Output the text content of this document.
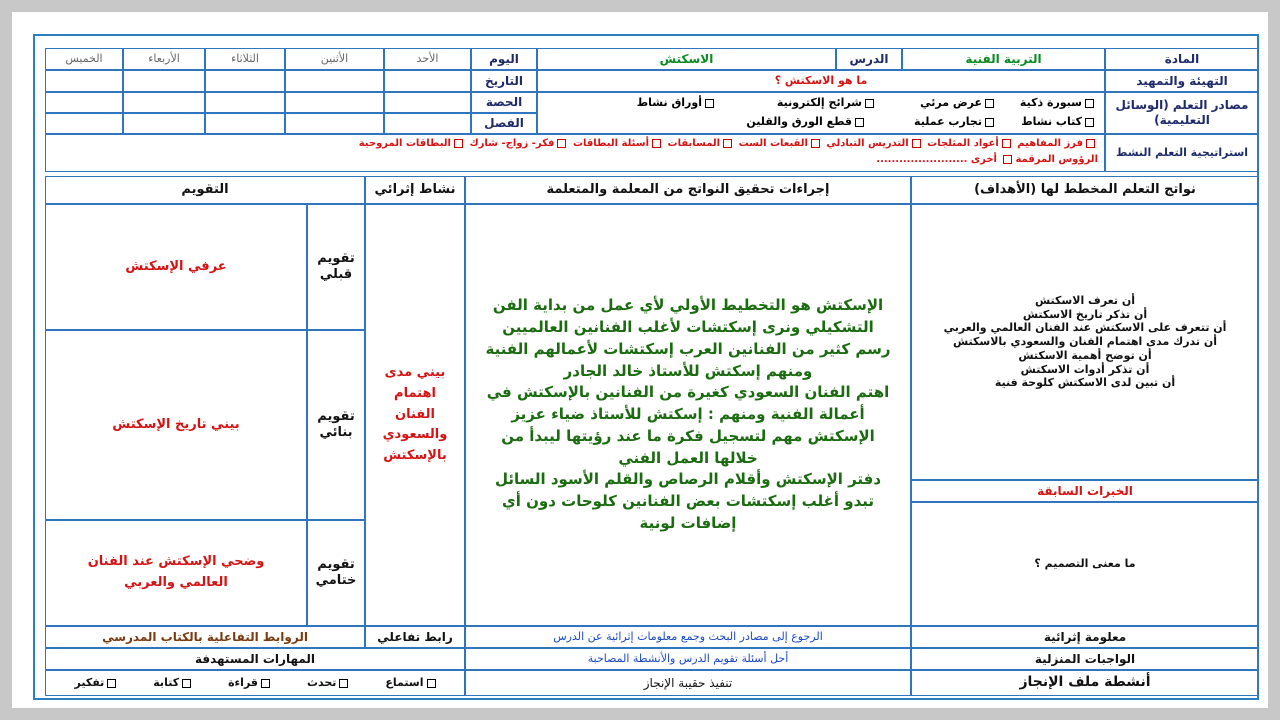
المادة
التربية الفنية
الدرس
الاسكتش
اليوم
الأحد
الأثنين
الثلاثاء
الأربعاء
الخميس
التهيئة والتمهيد
ما هو الاسكتش ؟
التاريخ
مصادر التعلم (الوسائل التعليمية)
سبورة ذكية
عرض مرئي
شرائح إلكترونية
أوراق نشاط
كتاب نشاط
تجارب عملية
قطع الورق والقلين
الحصة
الفصل
استراتيجية التعلم النشط
فرز المفاهيم أعواد المثلجات التدريس التبادلي القبعات الست المسابقات أسئلة البطاقات فكر- زواج- شارك البطاقات المروحية
الرؤوس المرقمة أخرى ........................
نواتج التعلم المخطط لها (الأهداف)
إجراءات تحقيق النواتج من المعلمة والمتعلمة
نشاط إثرائي
التقويم
أن تعرف الاسكتش
أن تذكر تاريخ الاسكتش
أن تتعرف على الاسكتش عند الفنان العالمي والعربي
أن تدرك مدى اهتمام الفنان والسعودي بالاسكتش
أن توضح أهمية الاسكتش
أن تذكر أدوات الاسكتش
أن تبين لدى الاسكتش كلوحة فنية
الخبرات السابقة
ما معنى التصميم ؟
الإسكتش هو التخطيط الأولي لأي عمل من بداية الفن التشكيلي ونرى إسكتشات لأغلب الفنانين العالميين
رسم كثير من الفنانين العرب إسكتشات لأعمالهم الفنية ومنهم إسكتش للأستاذ خالد الجادر
اهتم الفنان السعودي كغيرة من الفنانين بالإسكتش في أعمالة الفنية ومنهم : إسكتش للأستاذ ضياء عزيز
الإسكتش مهم لتسجيل فكرة ما عند رؤيتها ليبدأ من خلالها العمل الفني
دفتر الإسكتش وأقلام الرصاص والقلم الأسود السائل
تبدو أغلب إسكتشات بعض الفنانين كلوحات دون أي إضافات لونية
بيني مدى اهتمام الفنان والسعودي بالإسكتش
تقويم قبلي
عرفي الإسكتش
تقويم بنائي
بيني تاريخ الإسكتش
تقويم ختامي
وضحي الإسكتش عند الفنان العالمي والعربي
معلومة إثرائية
الرجوع إلى مصادر البحث وجمع معلومات إثرائية عن الدرس
رابط تفاعلي
الروابط التفاعلية بالكتاب المدرسي
الواجبات المنزلية
أحل أسئلة تقويم الدرس والأنشطة المصاحبة
المهارات المستهدفة
أنشطة ملف الإنجاز
تنفيذ حقيبة الإنجاز
استماع
تحدث
قراءة
كتابة
تفكير
